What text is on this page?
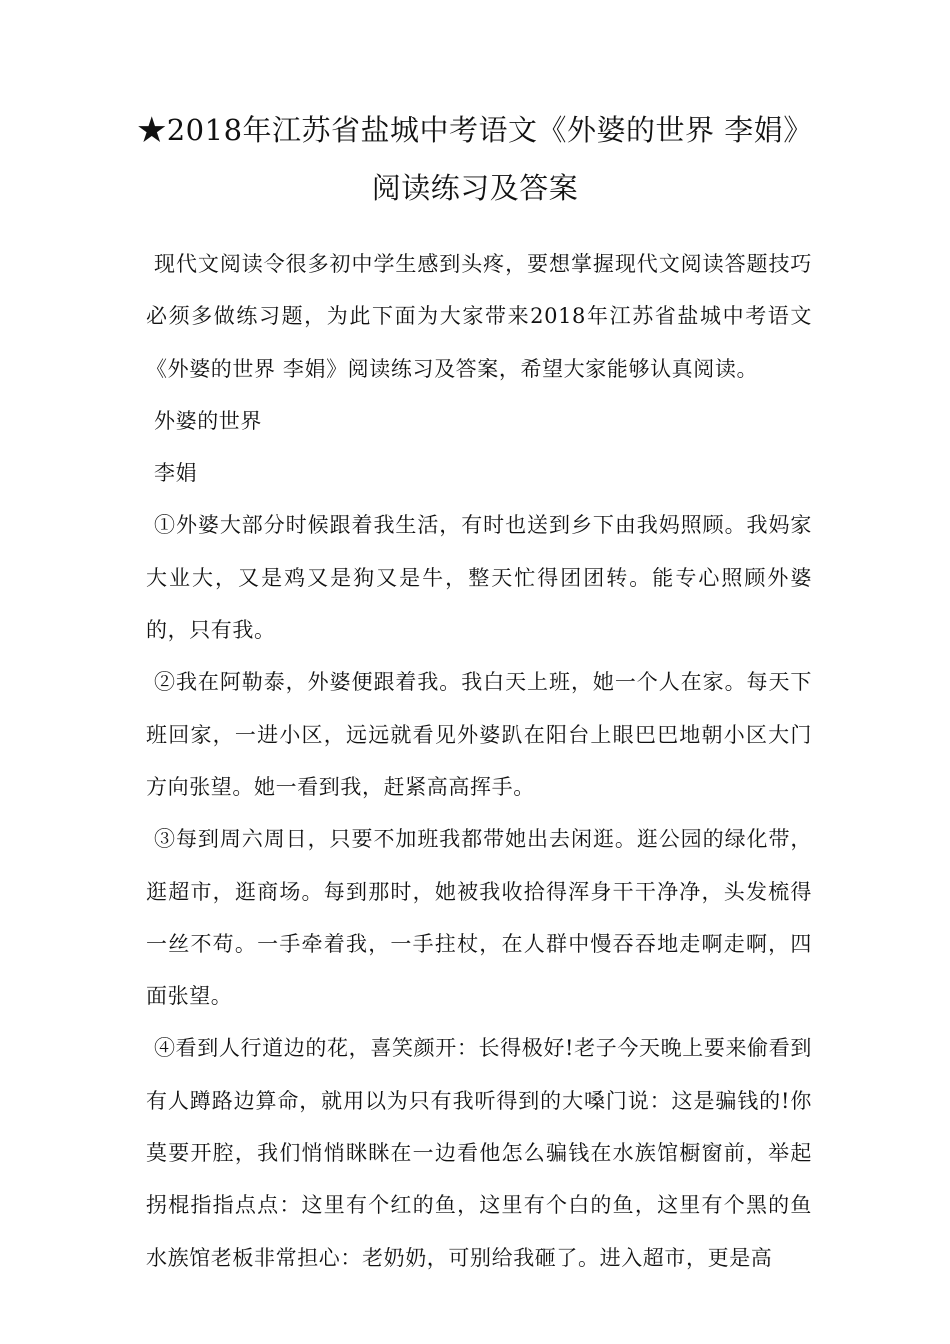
★2018年江苏省盐城中考语文《外婆的世界 李娟》
阅读练习及答案

现代文阅读令很多初中学生感到头疼，要想掌握现代文阅读答题技巧必须多做练习题，为此下面为大家带来2018年江苏省盐城中考语文《外婆的世界 李娟》阅读练习及答案，希望大家能够认真阅读。

外婆的世界

李娟

①外婆大部分时候跟着我生活，有时也送到乡下由我妈照顾。我妈家大业大，又是鸡又是狗又是牛，整天忙得团团转。能专心照顾外婆的，只有我。

②我在阿勒泰，外婆便跟着我。我白天上班，她一个人在家。每天下班回家，一进小区，远远就看见外婆趴在阳台上眼巴巴地朝小区大门方向张望。她一看到我，赶紧高高挥手。

③每到周六周日，只要不加班我都带她出去闲逛。逛公园的绿化带，逛超市，逛商场。每到那时，她被我收拾得浑身干干净净，头发梳得一丝不苟。一手牵着我，一手拄杖，在人群中慢吞吞地走啊走啊，四面张望。

④看到人行道边的花，喜笑颜开：长得极好!老子今天晚上要来偷看到有人蹲路边算命，就用以为只有我听得到的大嗓门说：这是骗钱的!你莫要开腔，我们悄悄眯眯在一边看他怎么骗钱在水族馆橱窗前，举起拐棍指指点点：这里有个红的鱼，这里有个白的鱼，这里有个黑的鱼水族馆老板非常担心：老奶奶，可别给我砸了。进入超市，更是高
